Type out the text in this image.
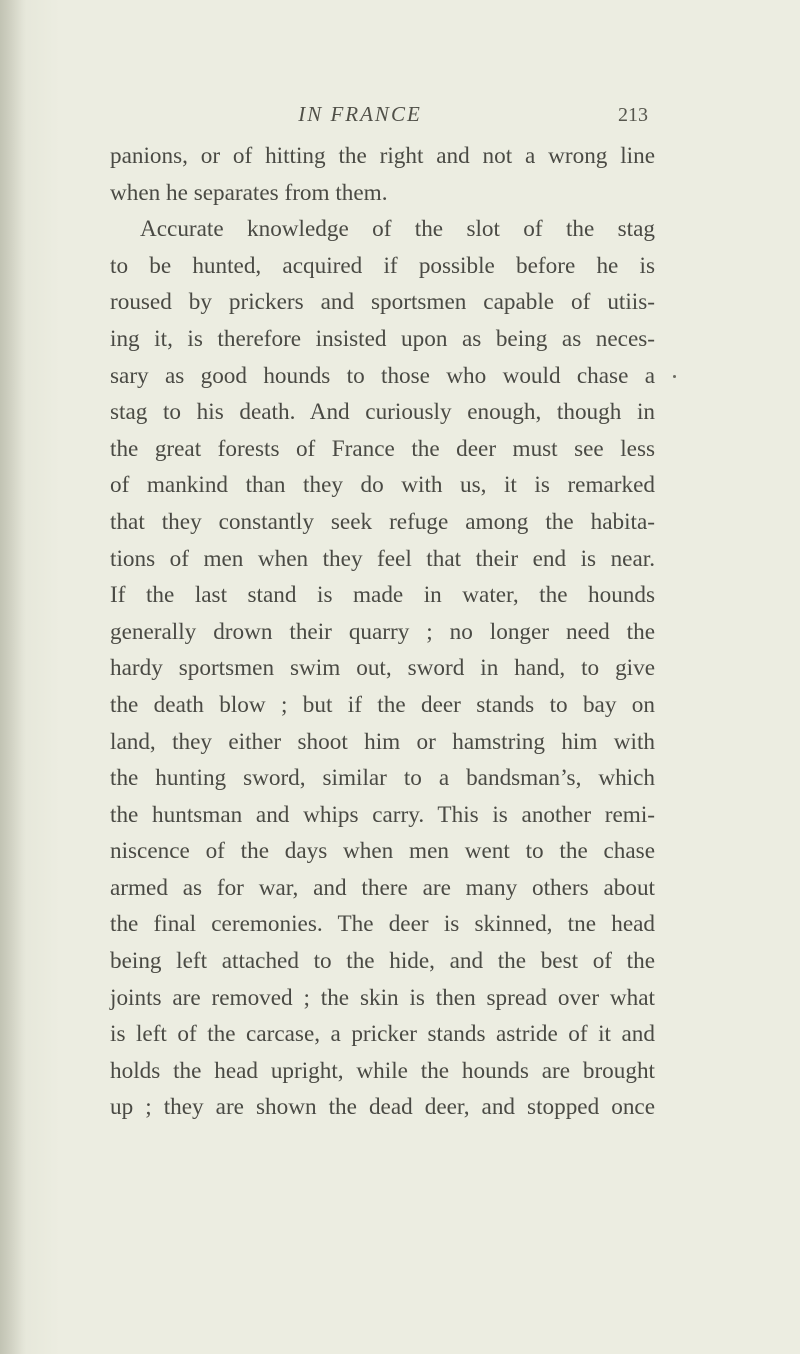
IN FRANCE	213
panions, or of hitting the right and not a wrong line
when he separates from them.
Accurate knowledge of the slot of the stag
to be hunted, acquired if possible before he is
roused by prickers and sportsmen capable of utiis-
ing it, is therefore insisted upon as being as neces-
sary as good hounds to those who would chase a
stag to his death. And curiously enough, though in
the great forests of France the deer must see less
of mankind than they do with us, it is remarked
that they constantly seek refuge among the habita-
tions of men when they feel that their end is near.
If the last stand is made in water, the hounds
generally drown their quarry ; no longer need the
hardy sportsmen swim out, sword in hand, to give
the death blow ; but if the deer stands to bay on
land, they either shoot him or hamstring him with
the hunting sword, similar to a bandsman’s, which
the huntsman and whips carry. This is another remi-
niscence of the days when men went to the chase
armed as for war, and there are many others about
the final ceremonies. The deer is skinned, tne head
being left attached to the hide, and the best of the
joints are removed ; the skin is then spread over what
is left of the carcase, a pricker stands astride of it and
holds the head upright, while the hounds are brought
up ; they are shown the dead deer, and stopped once
